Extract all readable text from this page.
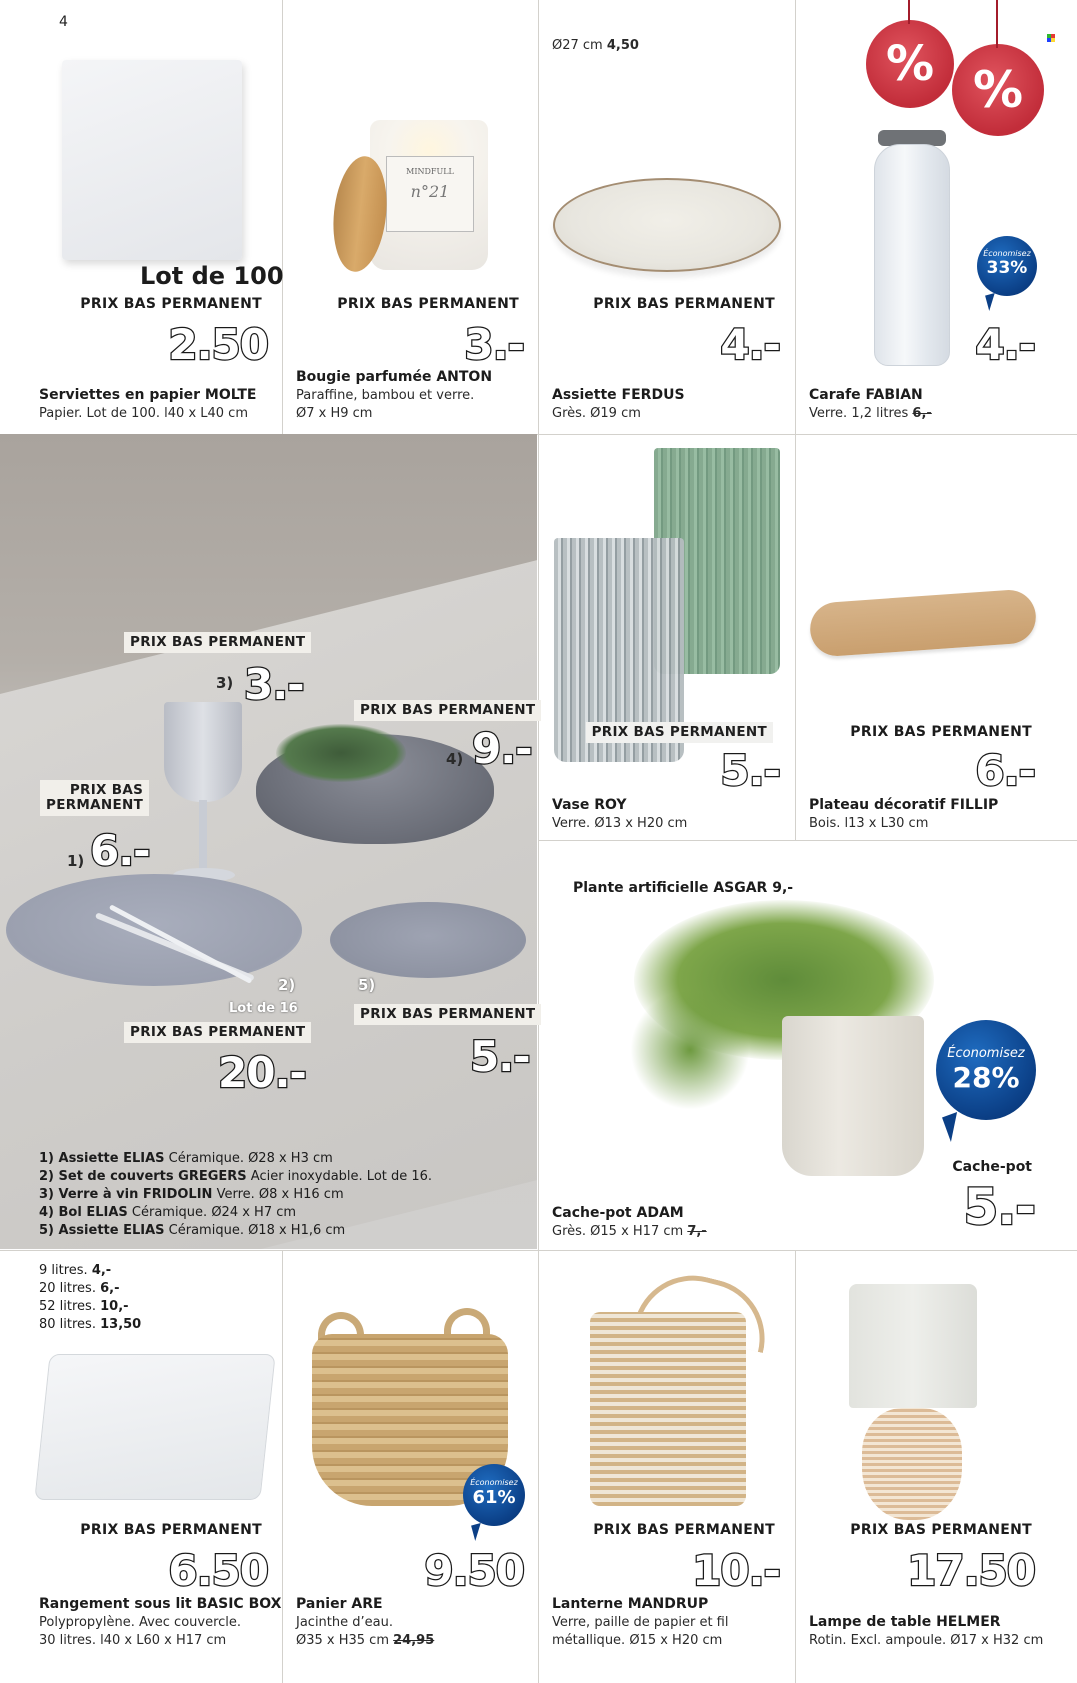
4
Lot de 100
PRIX BAS PERMANENT
2.50
Serviettes en papier MOLTE
Papier. Lot de 100. l40 x L40 cm
MINDFULL
n°21
PRIX BAS PERMANENT
3.-
Bougie parfumée ANTON
Paraffine, bambou et verre.
Ø7 x H9 cm
Ø27 cm 4,50
PRIX BAS PERMANENT
4.-
Assiette FERDUS
Grès. Ø19 cm
% %
Économisez
33%
4.-
Carafe FABIAN
Verre. 1,2 litres 6,-
PRIX BAS PERMANENT
3) 3.-
PRIX BAS PERMANENT
4) 9.-
PRIX BAS
PERMANENT
1) 6.-
2)
Lot de 16
PRIX BAS PERMANENT
20.-
5)
PRIX BAS PERMANENT
5.-
1) Assiette ELIAS Céramique. Ø28 x H3 cm
2) Set de couverts GREGERS Acier inoxydable. Lot de 16.
3) Verre à vin FRIDOLIN Verre. Ø8 x H16 cm
4) Bol ELIAS Céramique. Ø24 x H7 cm
5) Assiette ELIAS Céramique. Ø18 x H1,6 cm
PRIX BAS PERMANENT
5.-
Vase ROY
Verre. Ø13 x H20 cm
PRIX BAS PERMANENT
6.-
Plateau décoratif FILLIP
Bois. l13 x L30 cm
Plante artificielle ASGAR 9,-
Économisez
28%
Cache-pot
5.-
Cache-pot ADAM
Grès. Ø15 x H17 cm 7,-
9 litres. 4,-
20 litres. 6,-
52 litres. 10,-
80 litres. 13,50
PRIX BAS PERMANENT
6.50
Rangement sous lit BASIC BOX
Polypropylène. Avec couvercle.
30 litres. l40 x L60 x H17 cm
Économisez
61%
9.50
Panier ARE
Jacinthe d’eau.
Ø35 x H35 cm 24,95
PRIX BAS PERMANENT
10.-
Lanterne MANDRUP
Verre, paille de papier et fil
métallique. Ø15 x H20 cm
PRIX BAS PERMANENT
17.50
Lampe de table HELMER
Rotin. Excl. ampoule. Ø17 x H32 cm
